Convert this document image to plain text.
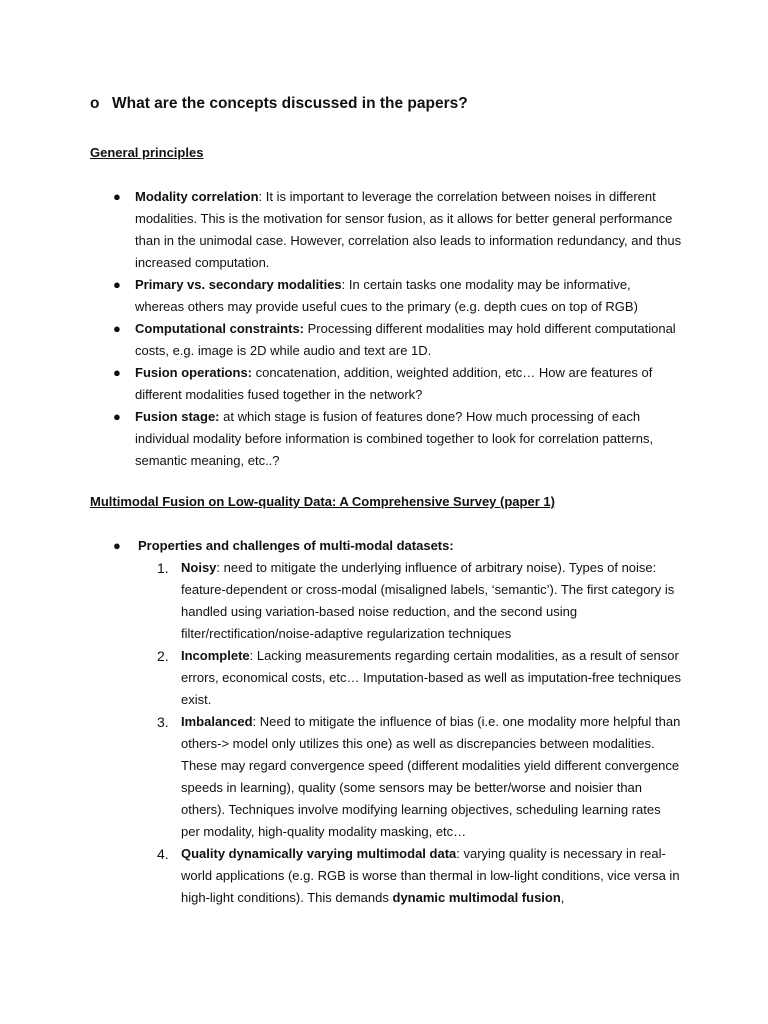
o What are the concepts discussed in the papers?
General principles
● Modality correlation: It is important to leverage the correlation between noises in different modalities. This is the motivation for sensor fusion, as it allows for better general performance than in the unimodal case. However, correlation also leads to information redundancy, and thus increased computation.
● Primary vs. secondary modalities: In certain tasks one modality may be informative, whereas others may provide useful cues to the primary (e.g. depth cues on top of RGB)
● Computational constraints: Processing different modalities may hold different computational costs, e.g. image is 2D while audio and text are 1D.
● Fusion operations: concatenation, addition, weighted addition, etc… How are features of different modalities fused together in the network?
● Fusion stage: at which stage is fusion of features done? How much processing of each individual modality before information is combined together to look for correlation patterns, semantic meaning, etc..?
Multimodal Fusion on Low-quality Data: A Comprehensive Survey (paper 1)
● Properties and challenges of multi-modal datasets:
1. Noisy: need to mitigate the underlying influence of arbitrary noise). Types of noise: feature-dependent or cross-modal (misaligned labels, ‘semantic’). The first category is handled using variation-based noise reduction, and the second using filter/rectification/noise-adaptive regularization techniques
2. Incomplete: Lacking measurements regarding certain modalities, as a result of sensor errors, economical costs, etc… Imputation-based as well as imputation-free techniques exist.
3. Imbalanced: Need to mitigate the influence of bias (i.e. one modality more helpful than others-> model only utilizes this one) as well as discrepancies between modalities. These may regard convergence speed (different modalities yield different convergence speeds in learning), quality (some sensors may be better/worse and noisier than others). Techniques involve modifying learning objectives, scheduling learning rates per modality, high-quality modality masking, etc…
4. Quality dynamically varying multimodal data: varying quality is necessary in real-world applications (e.g. RGB is worse than thermal in low-light conditions, vice versa in high-light conditions). This demands dynamic multimodal fusion,
